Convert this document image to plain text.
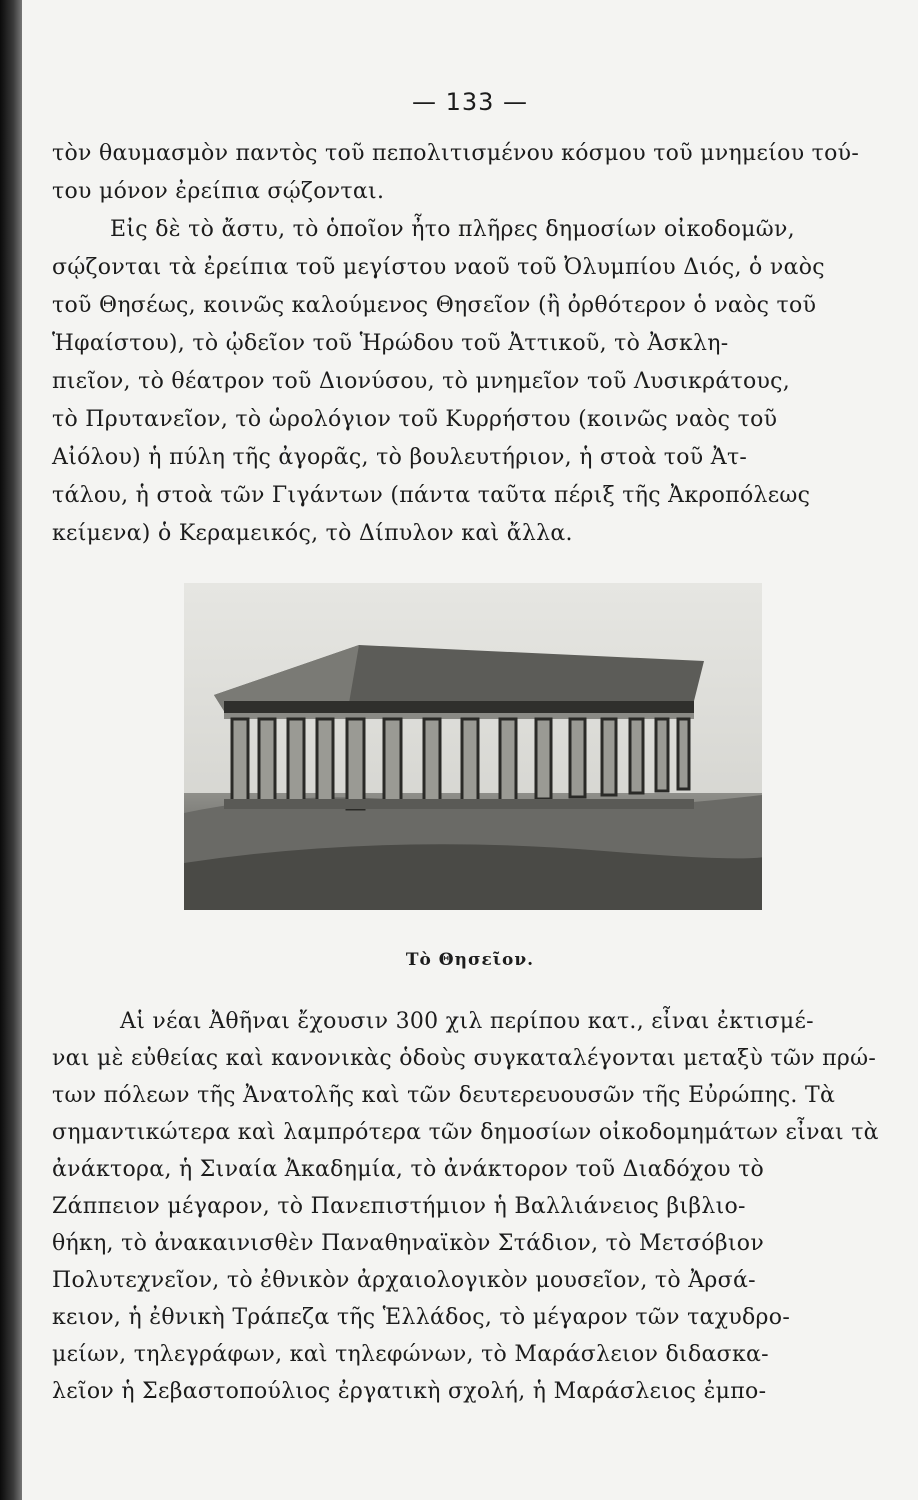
— 133 —
τὸν θαυμασμὸν παντὸς τοῦ πεπολιτισμένου κόσμου τοῦ μνημείου τού-
του μόνον ἐρείπια σῴζονται.
Εἰς δὲ τὸ ἄστυ, τὸ ὁποῖον ἦτο πλῆρες δημοσίων οἰκοδομῶν,
σῴζονται τὰ ἐρείπια τοῦ μεγίστου ναοῦ τοῦ Ὀλυμπίου Διός, ὁ ναὸς
τοῦ Θησέως, κοινῶς καλούμενος Θησεῖον (ἢ ὀρθότερον ὁ ναὸς τοῦ
Ἡφαίστου), τὸ ᾠδεῖον τοῦ Ἡρώδου τοῦ Ἀττικοῦ, τὸ Ἀσκλη-
πιεῖον, τὸ θέατρον τοῦ Διονύσου, τὸ μνημεῖον τοῦ Λυσικράτους,
τὸ Πρυτανεῖον, τὸ ὡρολόγιον τοῦ Κυρρήστου (κοινῶς ναὸς τοῦ
Αἰόλου) ἡ πύλη τῆς ἀγορᾶς, τὸ βουλευτήριον, ἡ στοὰ τοῦ Ἀτ-
τάλου, ἡ στοὰ τῶν Γιγάντων (πάντα ταῦτα πέριξ τῆς Ἀκροπόλεως
κείμενα) ὁ Κεραμεικός, τὸ Δίπυλον καὶ ἄλλα.
Τὸ Θησεῖον.
Αἱ νέαι Ἀθῆναι ἔχουσιν 300 χιλ περίπου κατ., εἶναι ἐκτισμέ-
ναι μὲ εὐθείας καὶ κανονικὰς ὁδοὺς συγκαταλέγονται μεταξὺ τῶν πρώ-
των πόλεων τῆς Ἀνατολῆς καὶ τῶν δευτερευουσῶν τῆς Εὐρώπης. Τὰ
σημαντικώτερα καὶ λαμπρότερα τῶν δημοσίων οἰκοδομημάτων εἶναι τὰ
ἀνάκτορα, ἡ Σιναία Ἀκαδημία, τὸ ἀνάκτορον τοῦ Διαδόχου τὸ
Ζάππειον μέγαρον, τὸ Πανεπιστήμιον ἡ Βαλλιάνειος βιβλιο-
θήκη, τὸ ἀνακαινισθὲν Παναθηναϊκὸν Στάδιον, τὸ Μετσόβιον
Πολυτεχνεῖον, τὸ ἐθνικὸν ἀρχαιολογικὸν μουσεῖον, τὸ Ἀρσά-
κειον, ἡ ἐθνικὴ Τράπεζα τῆς Ἑλλάδος, τὸ μέγαρον τῶν ταχυδρο-
μείων, τηλεγράφων, καὶ τηλεφώνων, τὸ Μαράσλειον διδασκα-
λεῖον ἡ Σεβαστοπούλιος ἐργατικὴ σχολή, ἡ Μαράσλειος ἐμπο-
